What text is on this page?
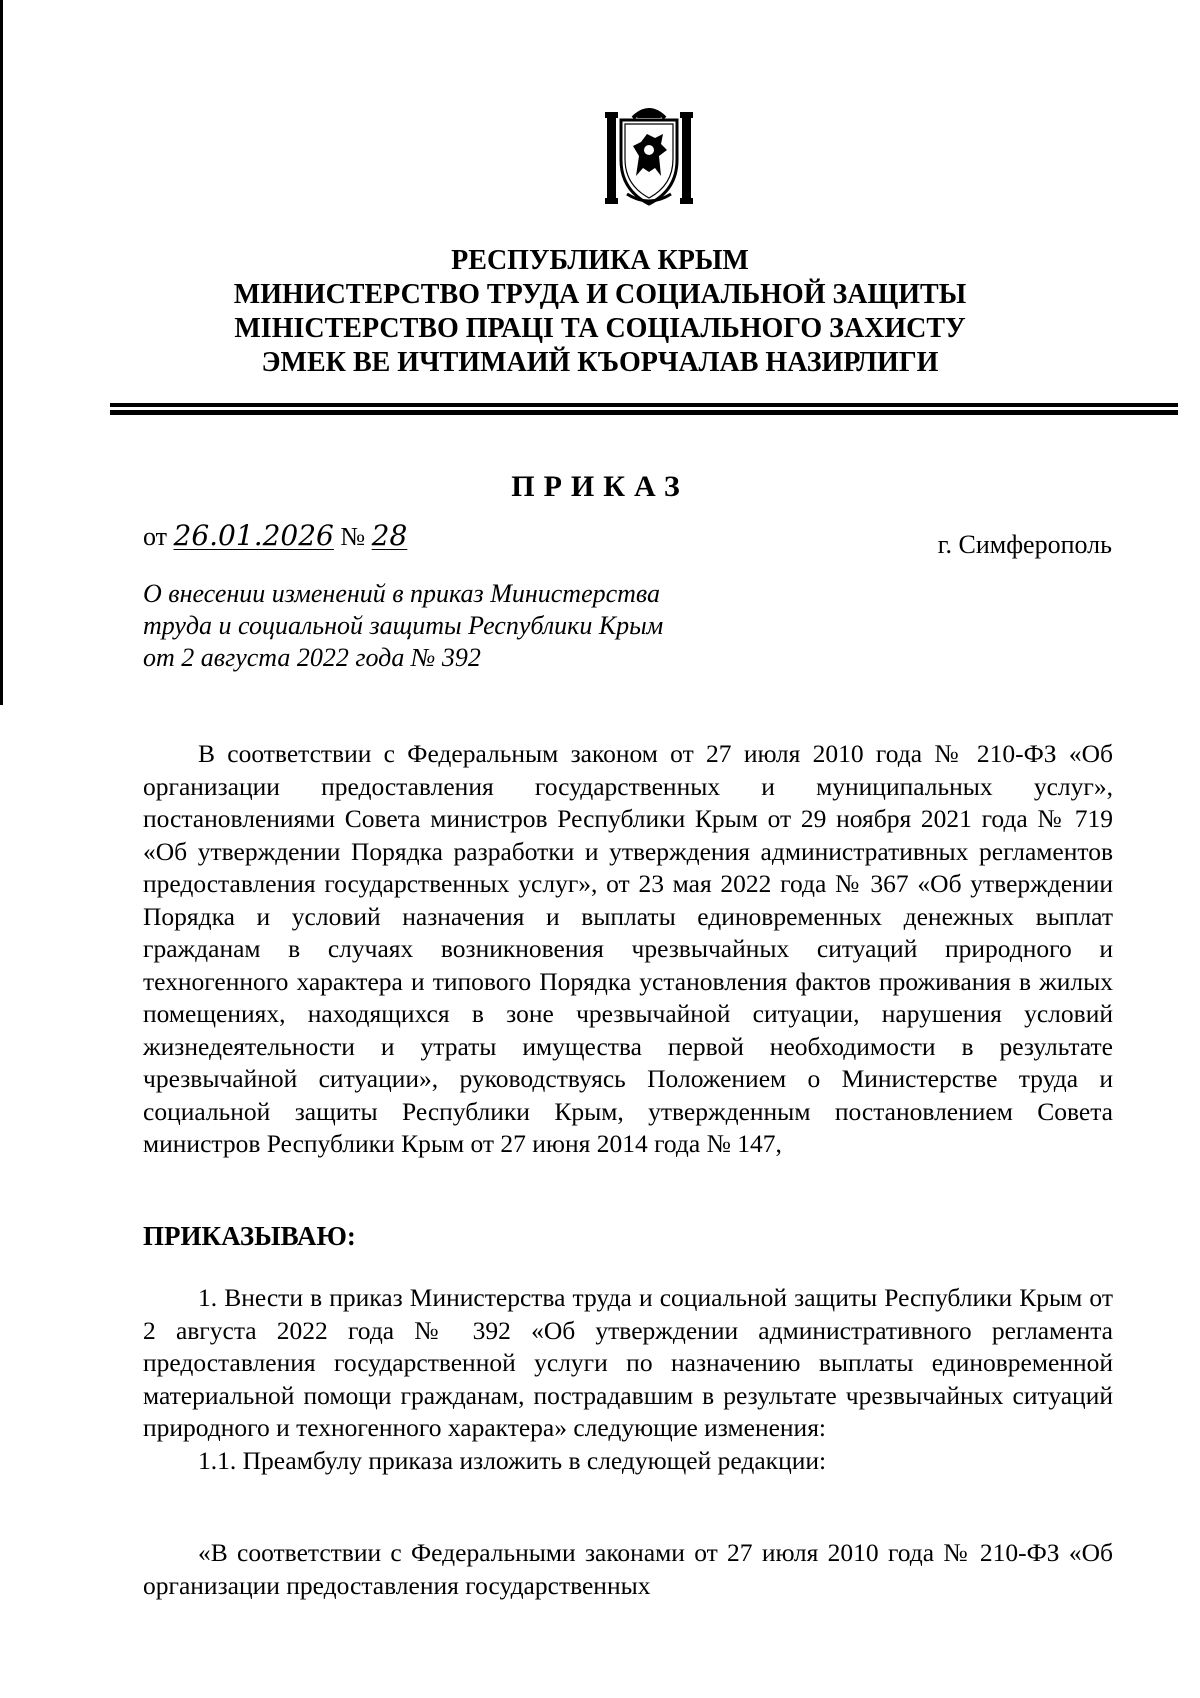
РЕСПУБЛИКА КРЫМ
МИНИСТЕРСТВО ТРУДА И СОЦИАЛЬНОЙ ЗАЩИТЫ
МІНІСТЕРСТВО ПРАЦІ ТА СОЦІАЛЬНОГО ЗАХИСТУ
ЭМЕК ВЕ ИЧТИМАИЙ КЪОРЧАЛАВ НАЗИРЛИГИ
ПРИКАЗ
от 26.01.2026 № 28	г. Симферополь
О внесении изменений в приказ Министерства
труда и социальной защиты Республики Крым
от 2 августа 2022 года № 392

В соответствии с Федеральным законом от 27 июля 2010 года № 210-ФЗ «Об организации предоставления государственных и муниципальных услуг», постановлениями Совета министров Республики Крым от 29 ноября 2021 года № 719 «Об утверждении Порядка разработки и утверждения административных регламентов предоставления государственных услуг», от 23 мая 2022 года № 367 «Об утверждении Порядка и условий назначения и выплаты единовременных денежных выплат гражданам в случаях возникновения чрезвычайных ситуаций природного и техногенного характера и типового Порядка установления фактов проживания в жилых помещениях, находящихся в зоне чрезвычайной ситуации, нарушения условий жизнедеятельности и утраты имущества первой необходимости в результате чрезвычайной ситуации», руководствуясь Положением о Министерстве труда и социальной защиты Республики Крым, утвержденным постановлением Совета министров Республики Крым от 27 июня 2014 года № 147,

ПРИКАЗЫВАЮ:

1. Внести в приказ Министерства труда и социальной защиты Республики Крым от 2 августа 2022 года № 392 «Об утверждении административного регламента предоставления государственной услуги по назначению выплаты единовременной материальной помощи гражданам, пострадавшим в результате чрезвычайных ситуаций природного и техногенного характера» следующие изменения:

1.1. Преамбулу приказа изложить в следующей редакции:

«В соответствии с Федеральными законами от 27 июля 2010 года № 210-ФЗ «Об организации предоставления государственных
